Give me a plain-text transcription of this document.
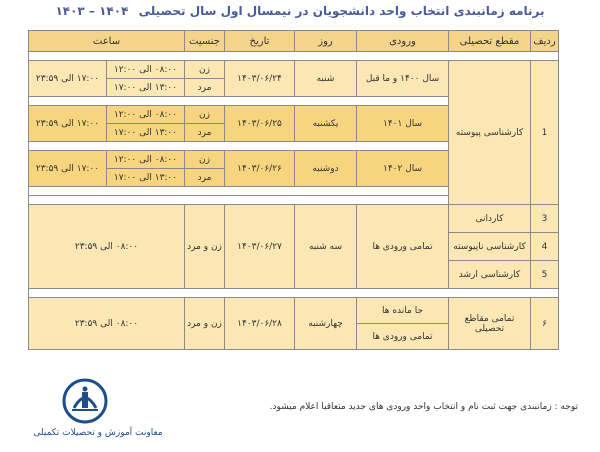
برنامه زمانبندی انتخاب واحد دانشجویان در نیمسال اول سال تحصیلی ۱۴۰۴ – ۱۴۰۳
ردیف	مقطع تحصیلی	ورودی	روز	تاریخ	جنسیت	ساعت	

1	کارشناسی پیوسته	سال ۱۴۰۰ و ما قبل	شنبه	۱۴۰۳/۰۶/۲۴	زن	۰۸:۰۰ الی ۱۲:۰۰	۱۷:۰۰ الی ۲۳:۵۹
					مرد	۱۳:۰۰ الی ۱۷:۰۰	

		سال ۱۴۰۱	یکشنبه	۱۴۰۳/۰۶/۲۵	زن	۰۸:۰۰ الی ۱۲:۰۰	۱۷:۰۰ الی ۲۳:۵۹
					مرد	۱۳:۰۰ الی ۱۷:۰۰	

		سال ۱۴۰۲	دوشنبه	۱۴۰۳/۰۶/۲۶	زن	۰۸:۰۰ الی ۱۲:۰۰	۱۷:۰۰ الی ۲۳:۵۹
					مرد	۱۳:۰۰ الی ۱۷:۰۰	

3	کاردانی	تمامی ورودی ها	سه شنبه	۱۴۰۳/۰۶/۲۷	زن و مرد	۰۸:۰۰ الی ۲۳:۵۹	
4	کارشناسی ناپیوسته						
5	کارشناسی ارشد						

۶	تمامی مقاطع تحصیلی	جا مانده ها	چهارشنبه	۱۴۰۳/۰۶/۲۸	زن و مرد	۰۸:۰۰ الی ۲۳:۵۹	
		تمامی ورودی ها					
توجه : زمانبندی جهت ثبت نام و انتخاب واحد ورودی های جدید متعاقبا اعلام میشود.
معاونت آموزش و تحصیلات تکمیلی
